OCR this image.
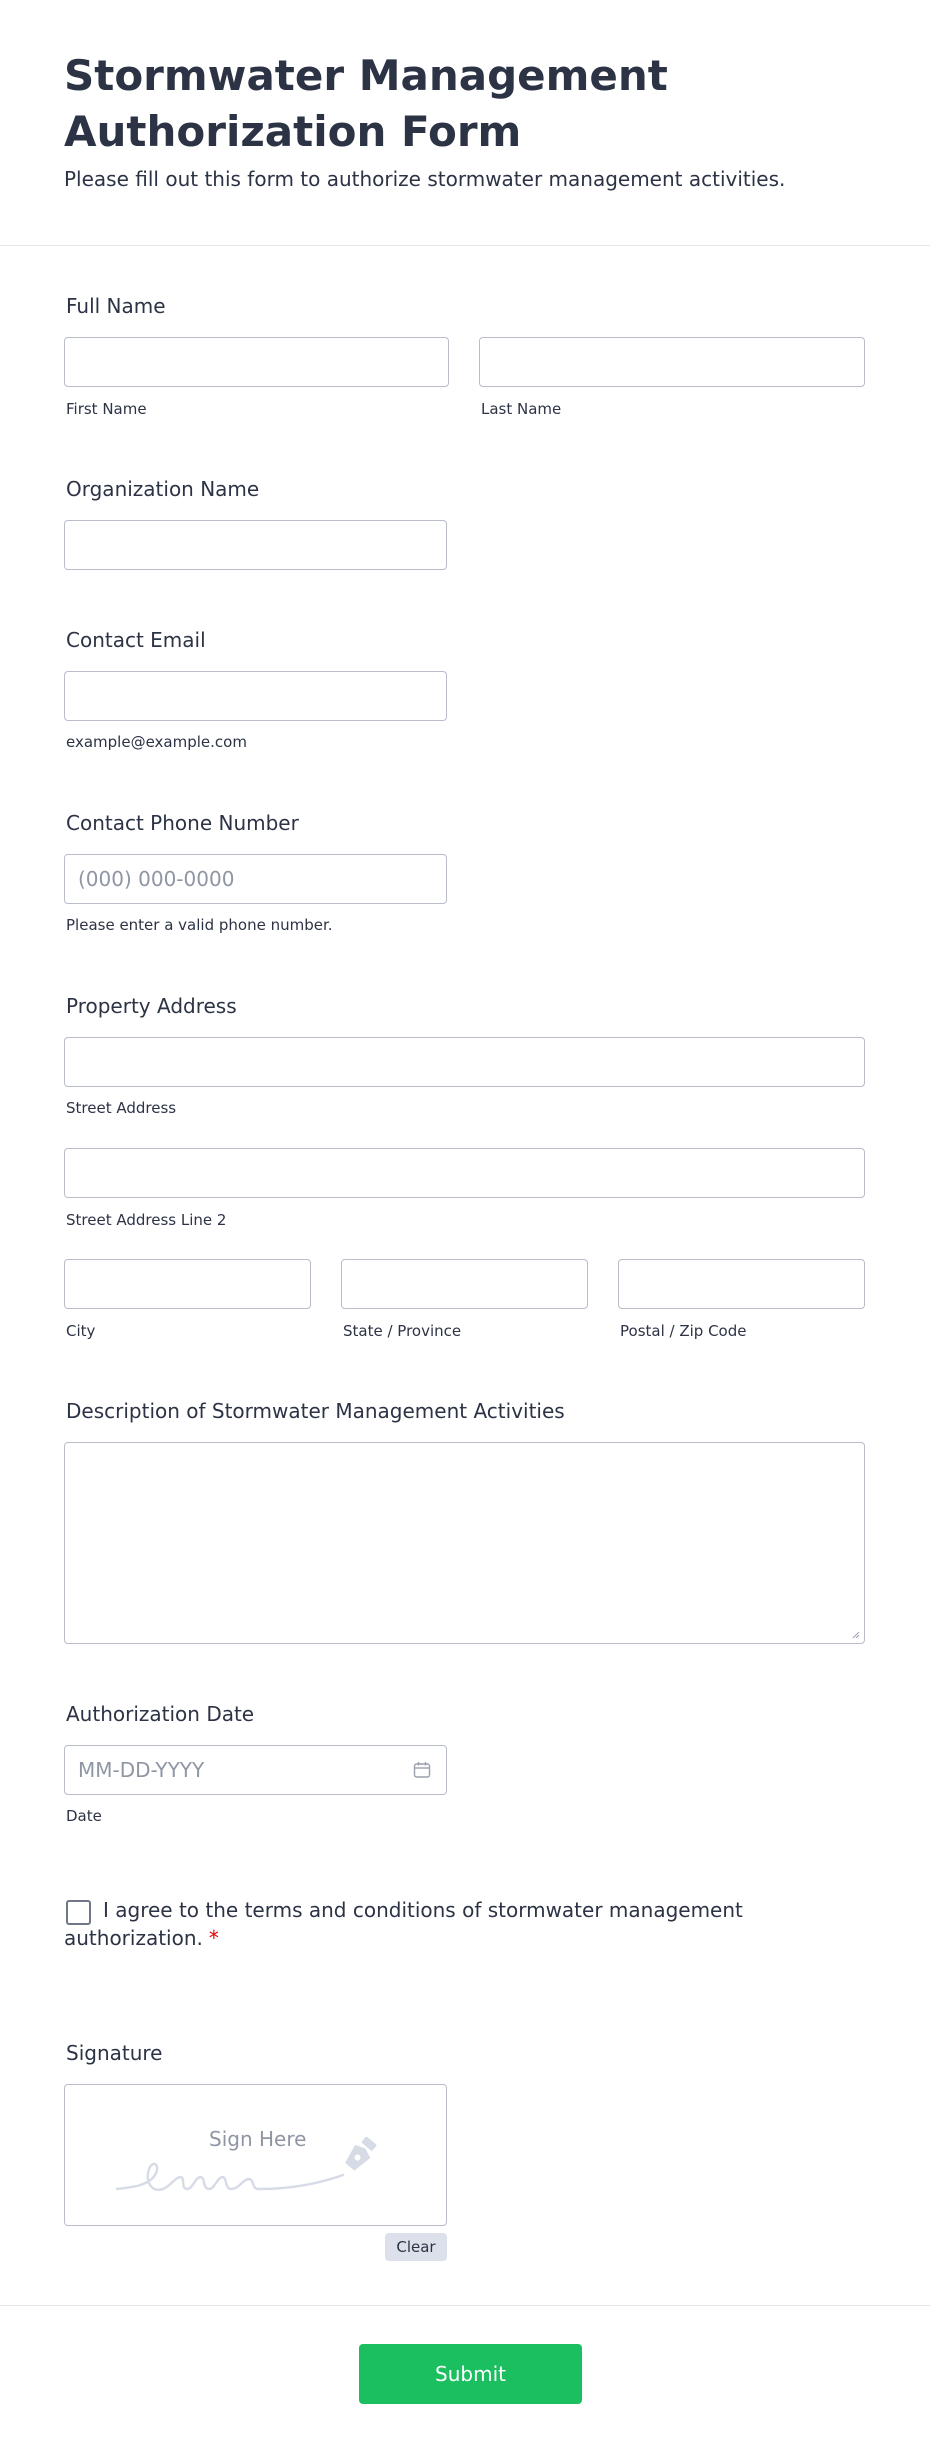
Stormwater Management Authorization Form
Please fill out this form to authorize stormwater management activities.
Full Name
First Name	Last Name
Organization Name
Contact Email
example@example.com
Contact Phone Number
(000) 000-0000
Please enter a valid phone number.
Property Address
Street Address
Street Address Line 2
City	State / Province	Postal / Zip Code
Description of Stormwater Management Activities
Authorization Date
MM-DD-YYYY
Date
I agree to the terms and conditions of stormwater management authorization. *
Signature
Sign Here
Clear
Submit
